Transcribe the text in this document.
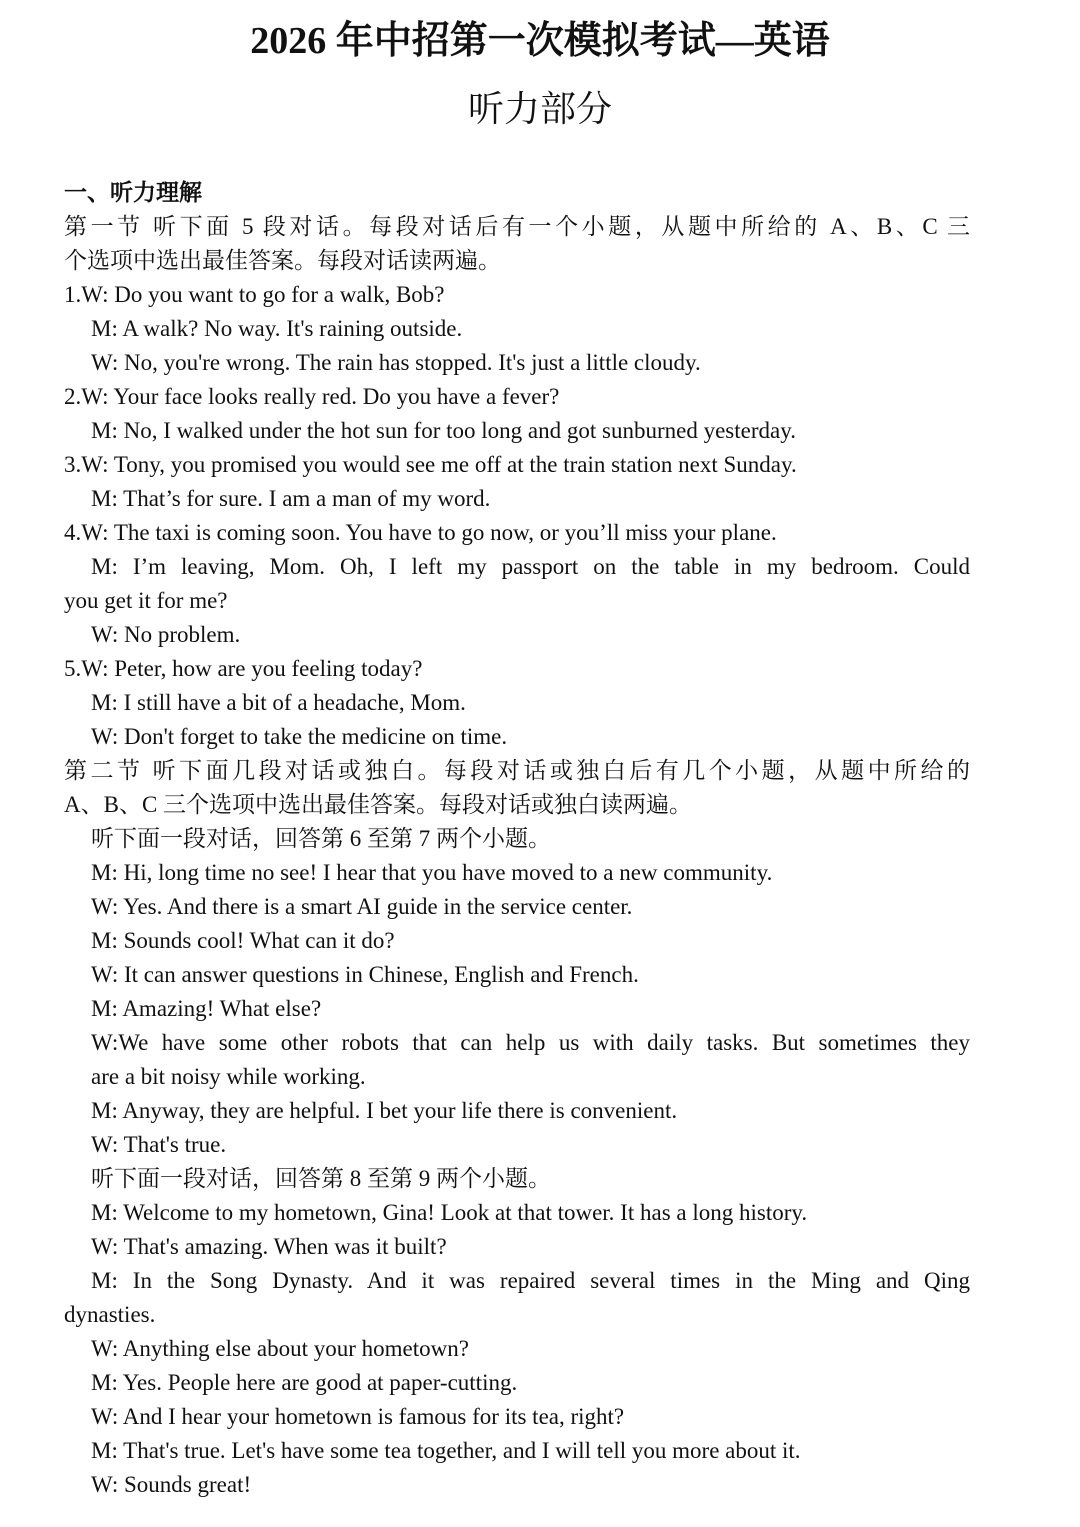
2026 年中招第一次模拟考试—英语
听力部分
一、听力理解
第一节 听下面 5 段对话。每段对话后有一个小题，从题中所给的 A、B、C 三
个选项中选出最佳答案。每段对话读两遍。
1.W: Do you want to go for a walk, Bob?
M: A walk? No way. It's raining outside.
W: No, you're wrong. The rain has stopped. It's just a little cloudy.
2.W: Your face looks really red. Do you have a fever?
M: No, I walked under the hot sun for too long and got sunburned yesterday.
3.W: Tony, you promised you would see me off at the train station next Sunday.
M: That’s for sure. I am a man of my word.
4.W: The taxi is coming soon. You have to go now, or you’ll miss your plane.
M: I’m leaving, Mom. Oh, I left my passport on the table in my bedroom. Could
you get it for me?
W: No problem.
5.W: Peter, how are you feeling today?
M: I still have a bit of a headache, Mom.
W: Don't forget to take the medicine on time.
第二节 听下面几段对话或独白。每段对话或独白后有几个小题，从题中所给的
A、B、C 三个选项中选出最佳答案。每段对话或独白读两遍。
听下面一段对话，回答第 6 至第 7 两个小题。
M: Hi, long time no see! I hear that you have moved to a new community.
W: Yes. And there is a smart AI guide in the service center.
M: Sounds cool! What can it do?
W: It can answer questions in Chinese, English and French.
M: Amazing! What else?
W:We have some other robots that can help us with daily tasks. But sometimes they
are a bit noisy while working.
M: Anyway, they are helpful. I bet your life there is convenient.
W: That's true.
听下面一段对话，回答第 8 至第 9 两个小题。
M: Welcome to my hometown, Gina! Look at that tower. It has a long history.
W: That's amazing. When was it built?
M: In the Song Dynasty. And it was repaired several times in the Ming and Qing
dynasties.
W: Anything else about your hometown?
M: Yes. People here are good at paper-cutting.
W: And I hear your hometown is famous for its tea, right?
M: That's true. Let's have some tea together, and I will tell you more about it.
W: Sounds great!
